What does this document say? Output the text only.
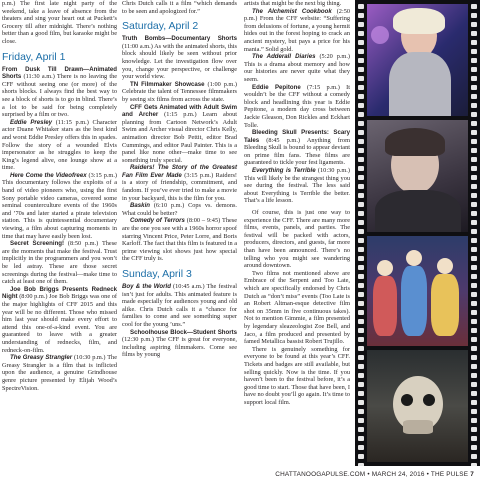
p.m.) The first late night party of the weekend, take a leave of absence from the theaters and sing your heart out at Puckett’s Grocery till after midnight. There’s nothing better than a good film, but karaoke might be close.

Friday, April 1

From Dusk Till Drawn—Animated Shorts (11:30 a.m.) There is no leaving the CFF without seeing one (or more) of the shorts blocks. I always find the best way to see a block of shorts is to go in blind. There’s a lot to be said for being completely surprised by a film or two.

Eddie Presley (11:15 p.m.) Character actor Duane Whitaker stars as the best kind and worst Eddie Presley offers this in spades. Follow the story of a wounded Elvis impersonator as he struggles to keep the King’s legend alive, one lounge show at a time.

Here Come the Videofreex (3:15 p.m.) This documentary follows the exploits of a band of video pioneers who, using the first Sony portable video cameras, covered some seminal counterculture events of the 1960s and ’70s and later started a pirate television station. This is quintessential documentary viewing, a film about capturing moments in time that may have easily been lost.

Secret Screening! (8:50 p.m.) These are the moments that make the festival. Trust implicitly in the programmers and you won’t be led astray. These are those secret screenings during the festival—make time to catch at least one of them.

Joe Bob Briggs Presents Redneck Night (8:00 p.m.) Joe Bob Briggs was one of the major highlights of CFF 2015 and this year will be no different. Those who missed him last year should make every effort to attend this one-of-a-kind event. You are guaranteed to leave with a greater understanding of rednecks, film, and redneck-on-film.

The Greasy Strangler (10:30 p.m.) The Greasy Strangler is a film that is inflicted upon the audience, a genuine Grindhouse genre picture presented by Elijah Wood’s SpectreVision.

Chris Dutch calls it a film “which demands to be seen and apologized for.”

Saturday, April 2

Truth Bombs—Documentary Shorts (11:00 a.m.) As with the animated shorts, this block should likely be seen without prior knowledge. Let the investigation flow over you, change your perspective, or challenge your world view.

TN Filmmaker Showcase (1:00 p.m.) Celebrate the talent of Tennessee filmmakers by seeing six films from across the state.

CFF Gets Animated with Adult Swim and Archer (1:15 p.m.) Learn about planning from Cartoon Network’s Adult Swim and Archer visual director Chris Kelly, animation director Bob Pettit, editor Brad Cummings, and editor Paul Painter. This is a panel like none other—make time to see something truly special.

Raiders! The Story of the Greatest Fan Film Ever Made (3:15 p.m.) Raiders! is a story of friendship, commitment, and fandom. If you’ve ever tried to make a movie in your backyard, this is the film for you.

Baskin (6:10 p.m.) Cops vs. demons. What could be better?

Comedy of Terrors (8:00 – 9:45) These are the one you see with a 1960s horror spoof starring Vincent Price, Peter Lorre, and Boris Karloff. The fact that this film is featured in a prime viewing slot shows just how special the CFF truly is.

Sunday, April 3

Boy & the World (10:45 a.m.) The festival isn’t just for adults. This animated feature is made especially for audiences young and old alike. Chris Dutch calls it a “chance for families to come and see something super cool for the young ’uns.”

Schoolhouse Block—Student Shorts (12:30 p.m.) The CFF is great for everyone, including aspiring filmmakers. Come see films by young

artists that might be the next big thing.

The Alchemist Cookbook (2:50 p.m.) From the CFF website: “Suffering from delusions of fortune, a young hermit hides out in the forest hoping to crack an ancient mystery, but pays a price for his mania.” Solid gold.

The Adderall Diaries (5:20 p.m.) This is a drama about memory and how our histories are never quite what they seem.

Eddie Pepitone (7:15 p.m.) It wouldn’t be the CFF without a comedy block and headlining this year is Eddie Pepitone, a modern day cross between Jackie Gleason, Don Rickles and Eckhart Tolle.

Bleeding Skull Presents: Scary Tales (8:45 p.m.) Anything from Bleeding Skull is bound to appear deviant on prime film fans. These films are guaranteed to tickle your fest ligaments.

Everything is Terrible (10:30 p.m.) This will likely be the strangest thing you see during the festival. The less said about Everything is Terrible the better. That’s a life lesson.

Of course, this is just one way to experience the CFF. There are many more films, events, panels, and parties. The festival will be packed with actors, producers, directors, and guests, far more than have been announced. There’s no telling who you might see wandering around downtown.

Two films not mentioned above are Embrace of the Serpent and Too Late, which are specifically endorsed by Chris Dutch as “don’t miss” events (Too Late is an Robert Altman-esque detective film shot on 35mm in five continuous takes). Not to mention Gimmie, a film presented by legendary sleazeologist Zoe Bell, and Jaco, a film produced and presented by famed Metallica bassist Robert Trujillo.

There is genuinely something for everyone to be found at this year’s CFF. Tickets and badges are still available, but selling quickly. Now is the time. If you haven’t been to the festival before, it’s a good time to start. Those that have been, I have no doubt you’ll go again. It’s time to support local film.

CHATTANOOGAPULSE.COM • MARCH 24, 2016 • THE PULSE 7
